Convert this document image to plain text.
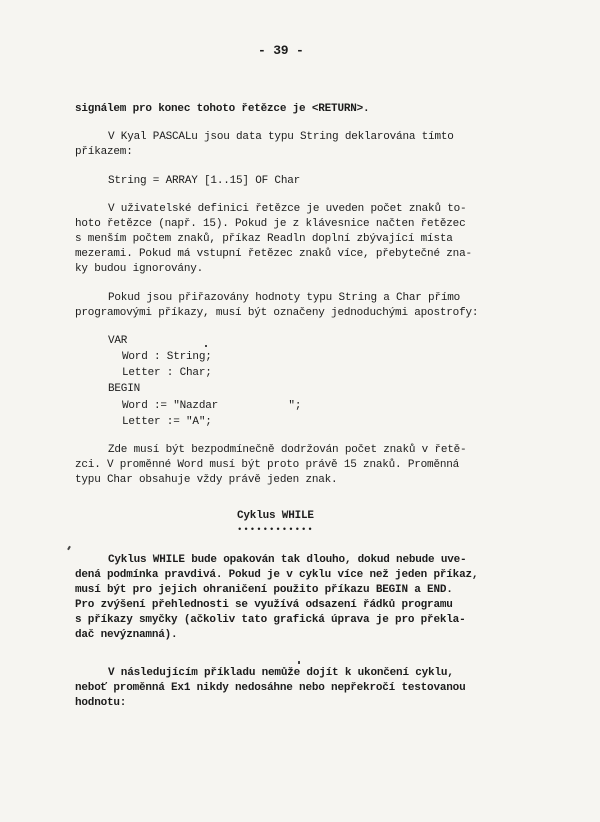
- 39 -
signálem pro konec tohoto řetězce je <RETURN>.
V Kyal PASCALu jsou data typu String deklarována tímto
příkazem:
String = ARRAY [1..15] OF Char
V uživatelské definici řetězce je uveden počet znaků to-
hoto řetězce (např. 15). Pokud je z klávesnice načten řetězec
s menším počtem znaků, příkaz Readln doplní zbývající místa
mezerami. Pokud má vstupní řetězec znaků více, přebytečné zna-
ky budou ignorovány.
Pokud jsou přiřazovány hodnoty typu String a Char přímo
programovými příkazy, musí být označeny jednoduchými apostrofy:
VAR
Word : String;
Letter : Char;
BEGIN
Word := "Nazdar           ";
Letter := "A";
Zde musí být bezpodmínečně dodržován počet znaků v řetě-
zci. V proměnné Word musí být proto právě 15 znaků. Proměnná
typu Char obsahuje vždy právě jeden znak.
Cyklus WHILE
••••••••••••
Cyklus WHILE bude opakován tak dlouho, dokud nebude uve-
dená podmínka pravdivá. Pokud je v cyklu více než jeden příkaz,
musí být pro jejich ohraničení použito příkazu BEGIN a END.
Pro zvýšení přehlednosti se využívá odsazení řádků programu
s příkazy smyčky (ačkoliv tato grafická úprava je pro překla-
dač nevýznamná).
V následujícím příkladu nemůže dojít k ukončení cyklu,
neboť proměnná Ex1 nikdy nedosáhne nebo nepřekročí testovanou
hodnotu:
